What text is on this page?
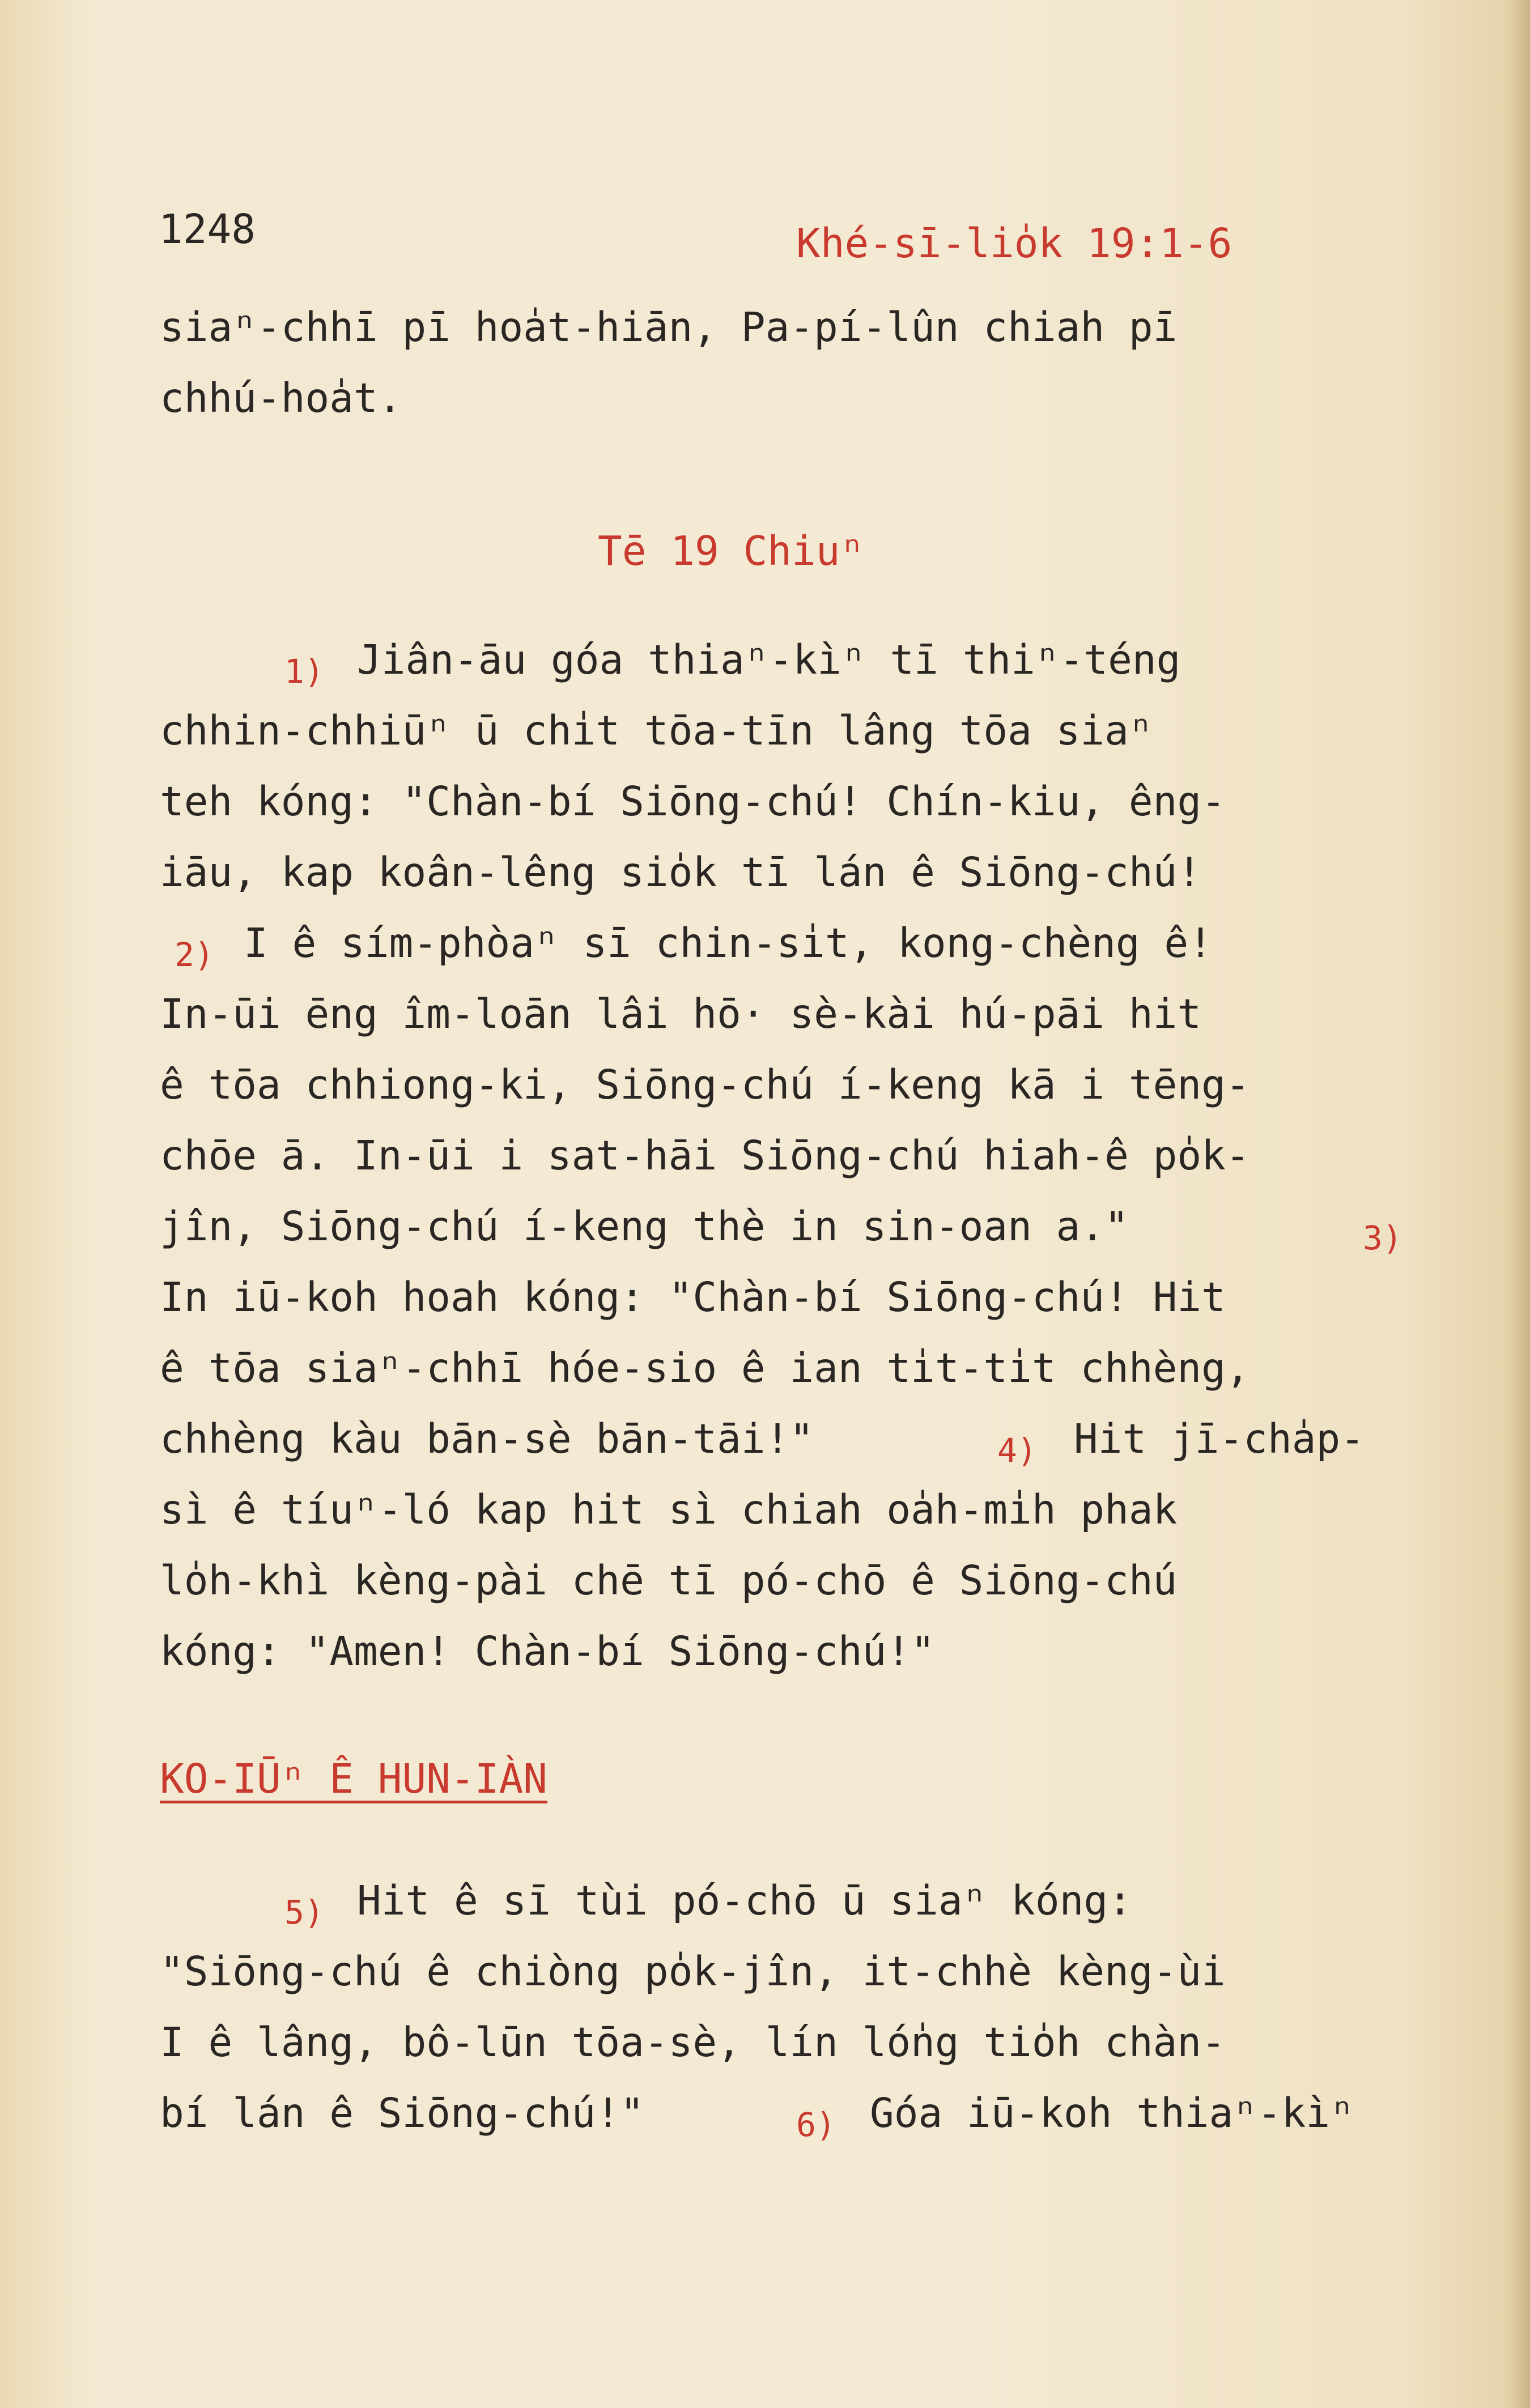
1248	Khé-sī-lio̍k 19:1-6
siaⁿ-chhī pī hoa̍t-hiān, Pa-pí-lûn chiah pī
chhú-hoa̍t.
Tē 19 Chiuⁿ
1) Jiân-āu góa thiaⁿ-kìⁿ tī thiⁿ-téng
chhin-chhiūⁿ ū chi̍t tōa-tīn lâng tōa siaⁿ
teh kóng: "Chàn-bí Siōng-chú! Chín-kiu, êng-
iāu, kap koân-lêng sio̍k tī lán ê Siōng-chú!
2) I ê sím-phòaⁿ sī chin-si̍t, kong-chèng ê!
In-ūi ēng îm-loān lâi hō· sè-kài hú-pāi hit
ê tōa chhiong-ki, Siōng-chú í-keng kā i tēng-
chōe ā. In-ūi i sat-hāi Siōng-chú hiah-ê po̍k-
jîn, Siōng-chú í-keng thè in sin-oan a."	3)
In iū-koh hoah kóng: "Chàn-bí Siōng-chú! Hit
ê tōa siaⁿ-chhī hóe-sio ê ian ti̍t-ti̍t chhèng,
chhèng kàu bān-sè bān-tāi!"	4) Hit jī-cha̍p-
sì ê tíuⁿ-ló kap hit sì chiah oa̍h-mi̍h phak
lo̍h-khì kèng-pài chē tī pó-chō ê Siōng-chú
kóng: "Amen! Chàn-bí Siōng-chú!"
KO-IŪⁿ Ê HUN-IÀN
5) Hit ê sī tùi pó-chō ū siaⁿ kóng:
"Siōng-chú ê chiòng po̍k-jîn, it-chhè kèng-ùi
I ê lâng, bô-lūn tōa-sè, lín ló̍ng tio̍h chàn-
bí lán ê Siōng-chú!"	6) Góa iū-koh thiaⁿ-kìⁿ
